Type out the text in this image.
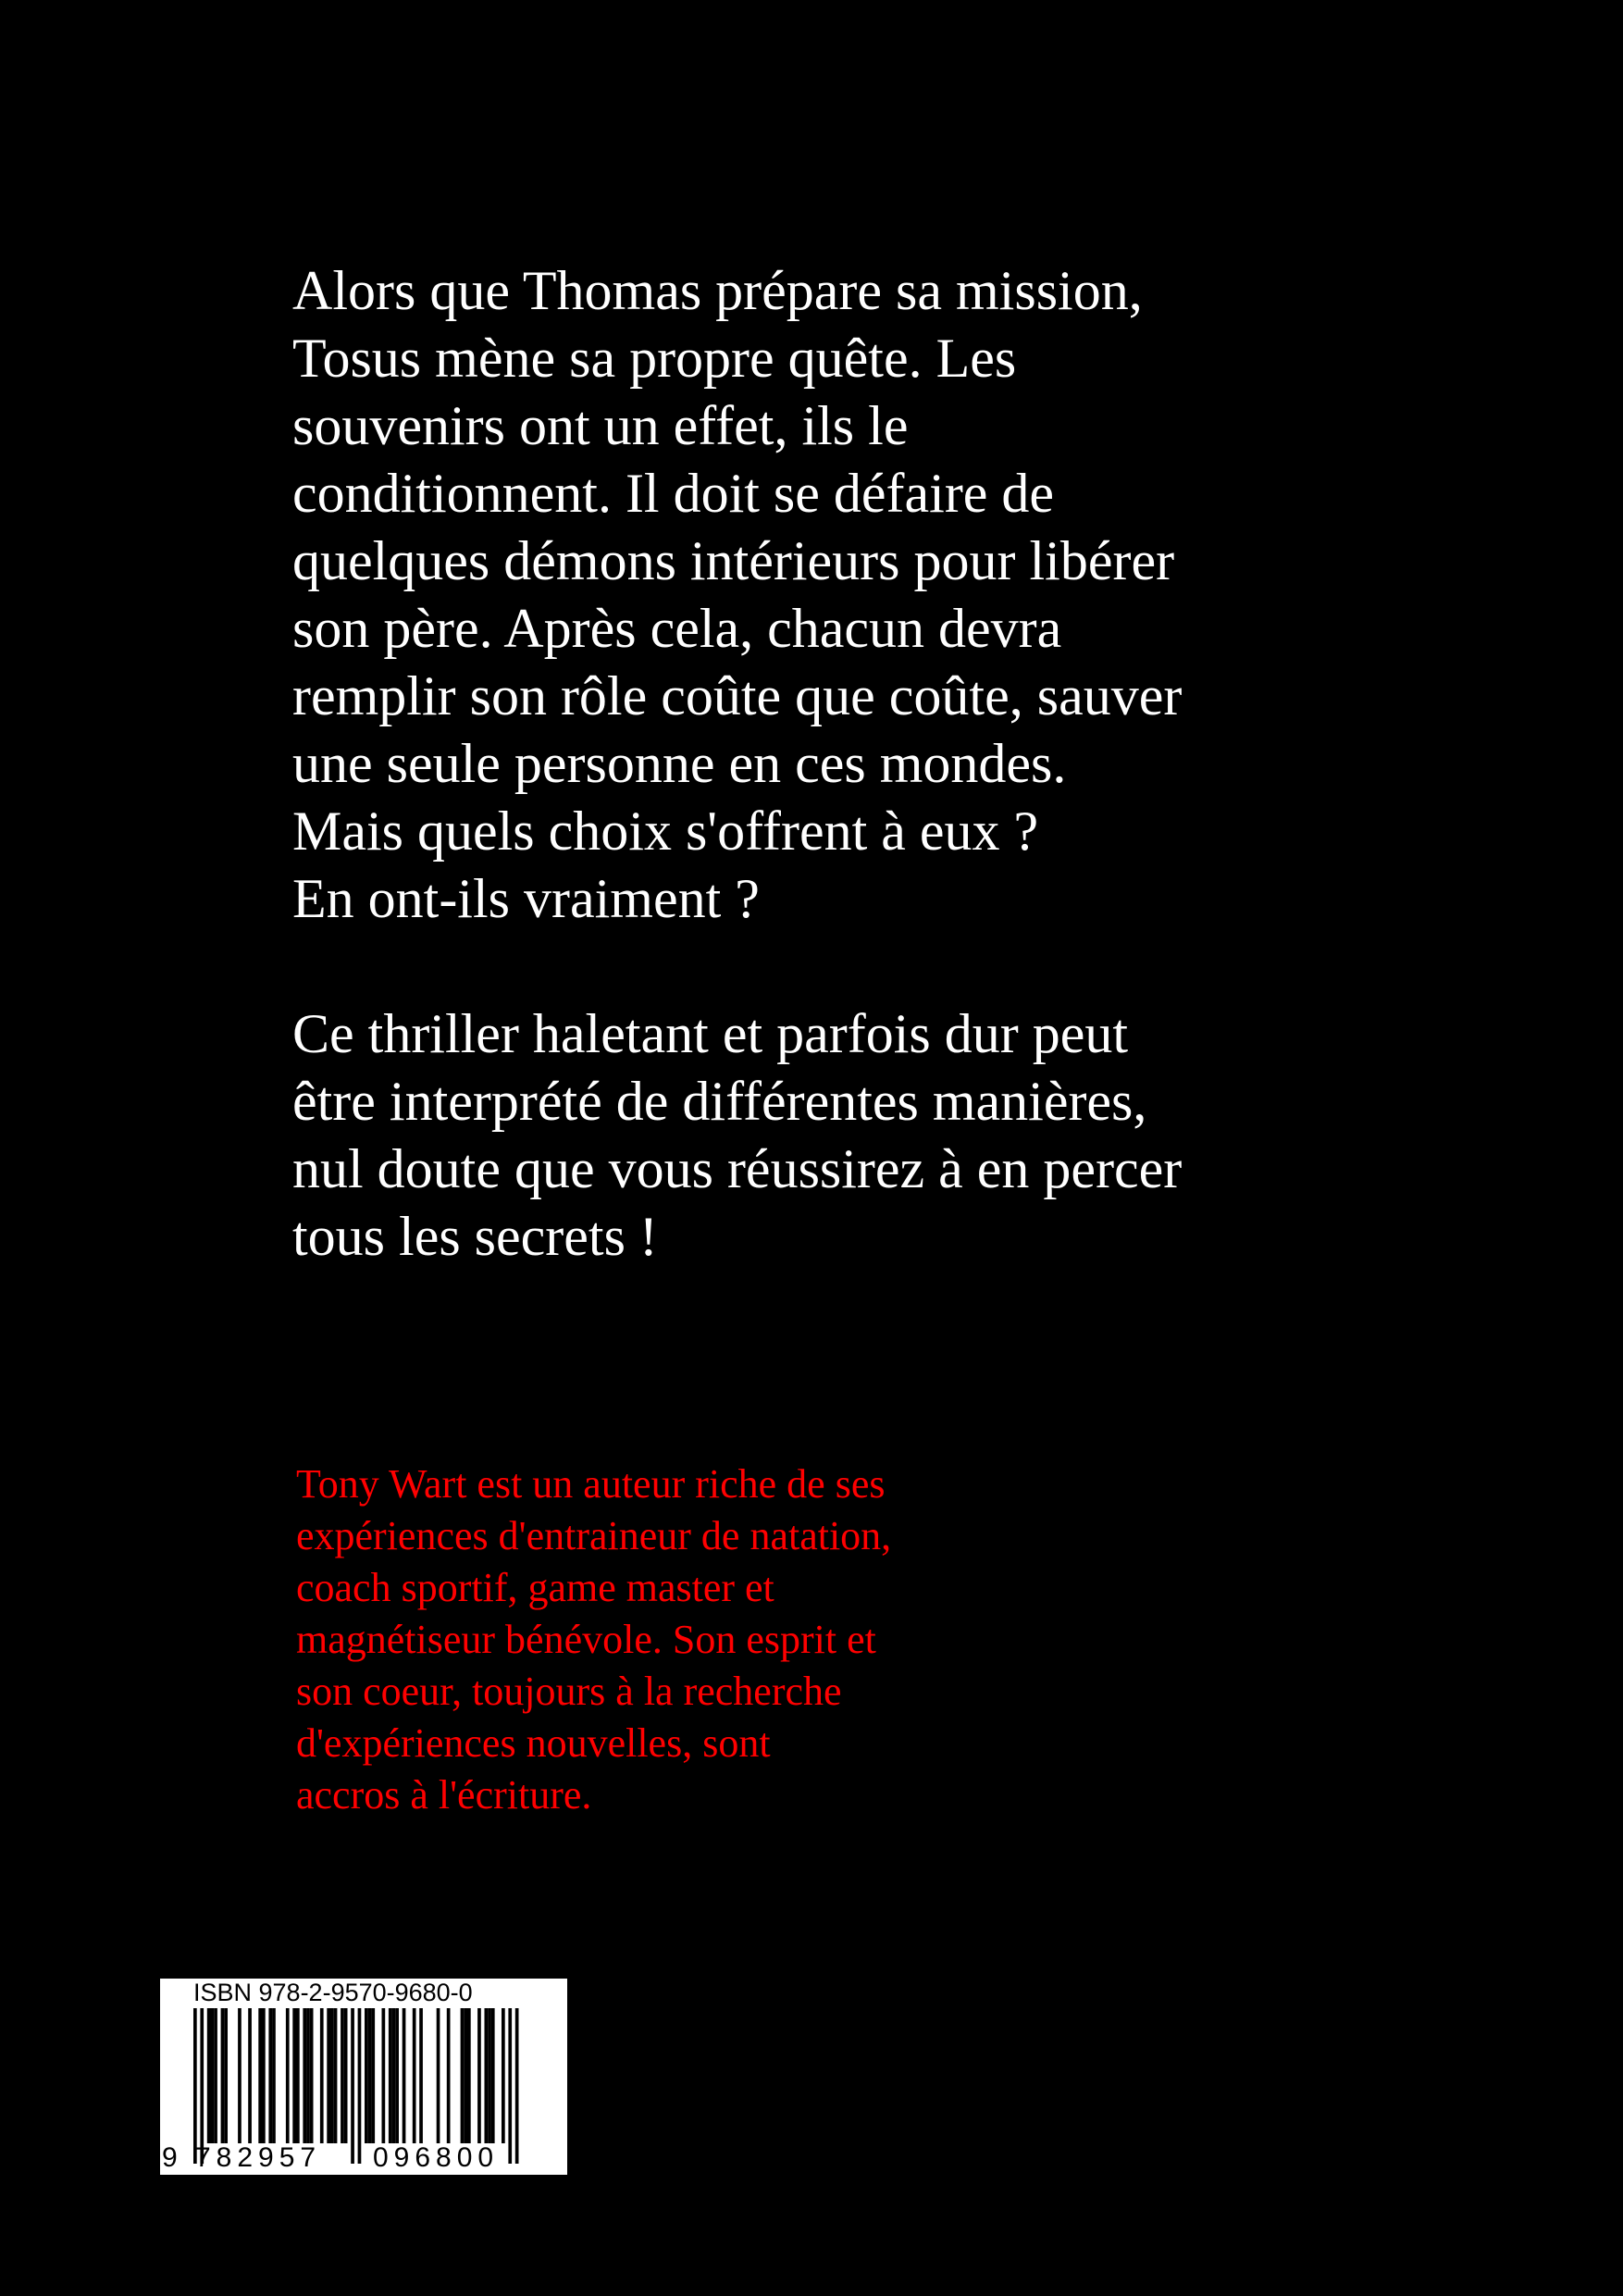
Alors que Thomas prépare sa mission,
Tosus mène sa propre quête. Les
souvenirs ont un effet, ils le
conditionnent. Il doit se défaire de
quelques démons intérieurs pour libérer
son père. Après cela, chacun devra
remplir son rôle coûte que coûte, sauver
une seule personne en ces mondes.
Mais quels choix s'offrent à eux ?
En ont-ils vraiment ?
Ce thriller haletant et parfois dur peut
être interprété de différentes manières,
nul doute que vous réussirez à en percer
tous les secrets !
Tony Wart est un auteur riche de ses
expériences d'entraineur de natation,
coach sportif, game master et
magnétiseur bénévole. Son esprit et
son coeur, toujours à la recherche
d'expériences nouvelles, sont
accros à l'écriture.
ISBN 978-2-9570-9680-0
9 782957 096800
